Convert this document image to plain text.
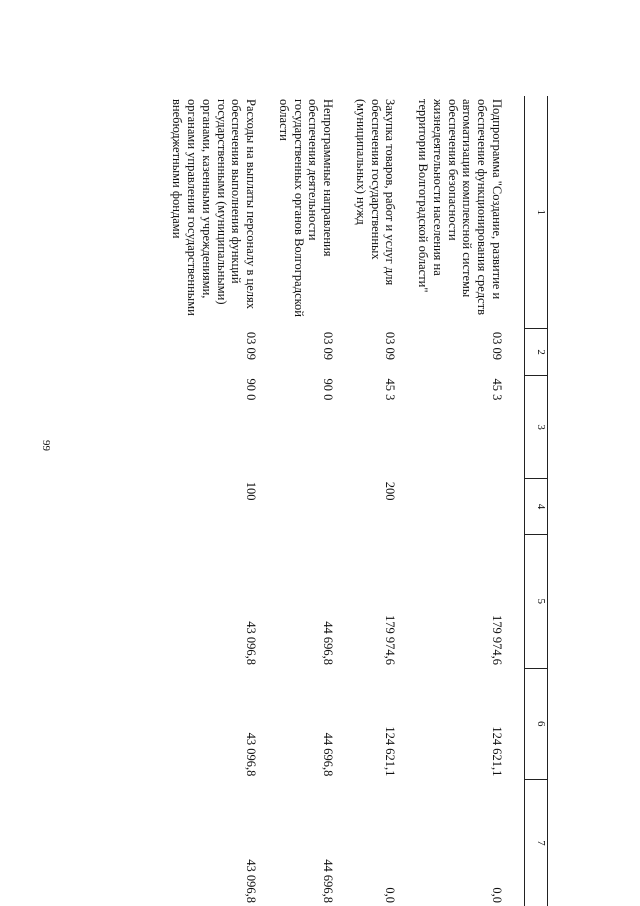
99
1	2	3	4	5	6	7
Подпрограмма "Создание, развитие и обеспечение функционирования средств автоматизации комплексной системы обеспечения безопасности жизнедеятельности населения на территории Волгоградской области"	03 09	45 3		179 974,6	124 621,1	0,0
Закупка товаров, работ и услуг для обеспечения государственных (муниципальных) нужд	03 09	45 3	200	179 974,6	124 621,1	0,0
Непрограммные направления обеспечения деятельности государственных органов Волгоградской области	03 09	90 0		44 696,8	44 696,8	44 696,8
Расходы на выплаты персоналу в целях обеспечения выполнения функций государственными (муниципальными) органами, казенными учреждениями, органами управления государственными внебюджетными фондами	03 09	90 0	100	43 096,8	43 096,8	43 096,8
